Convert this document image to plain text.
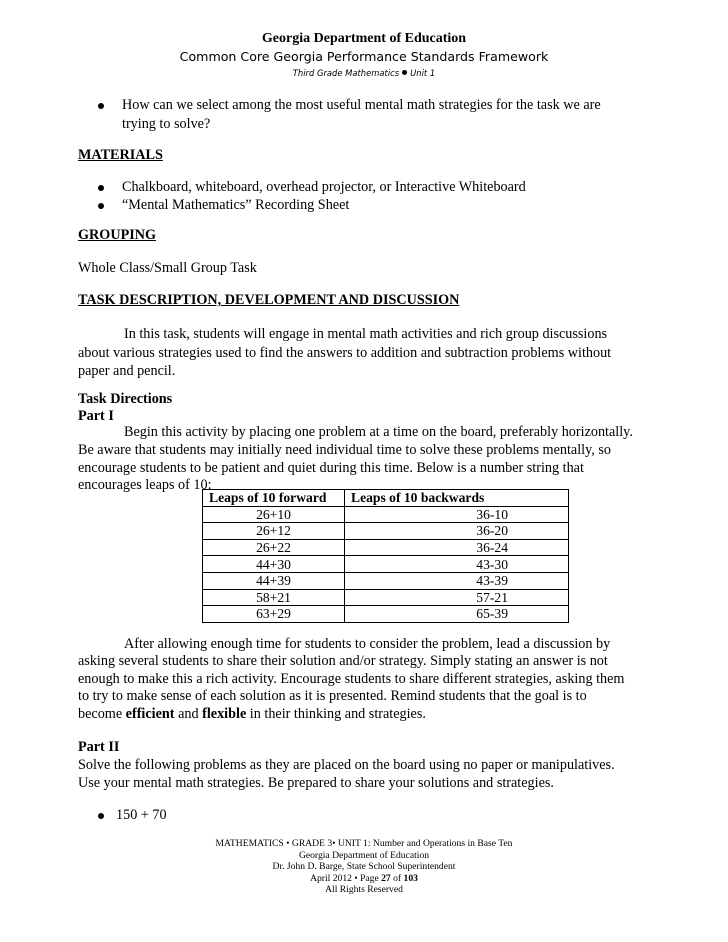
Georgia Department of Education
Common Core Georgia Performance Standards Framework
Third Grade Mathematics Unit 1
How can we select among the most useful mental math strategies for the task we are
trying to solve?
MATERIALS
Chalkboard, whiteboard, overhead projector, or Interactive Whiteboard
“Mental Mathematics” Recording Sheet
GROUPING
Whole Class/Small Group Task
TASK DESCRIPTION, DEVELOPMENT AND DISCUSSION
In this task, students will engage in mental math activities and rich group discussions
about various strategies used to find the answers to addition and subtraction problems without
paper and pencil.
Task Directions
Part I
Begin this activity by placing one problem at a time on the board, preferably horizontally.
Be aware that students may initially need individual time to solve these problems mentally, so
encourage students to be patient and quiet during this time. Below is a number string that
encourages leaps of 10:
Leaps of 10 forward	Leaps of 10 backwards
26+10	36-10
26+12	36-20
26+22	36-24
44+30	43-30
44+39	43-39
58+21	57-21
63+29	65-39
After allowing enough time for students to consider the problem, lead a discussion by
asking several students to share their solution and/or strategy. Simply stating an answer is not
enough to make this a rich activity. Encourage students to share different strategies, asking them
to try to make sense of each solution as it is presented. Remind students that the goal is to
become efficient and flexible in their thinking and strategies.
Part II
Solve the following problems as they are placed on the board using no paper or manipulatives.
Use your mental math strategies. Be prepared to share your solutions and strategies.
150 + 70
MATHEMATICS • GRADE 3• UNIT 1: Number and Operations in Base Ten
Georgia Department of Education
Dr. John D. Barge, State School Superintendent
April 2012 • Page 27 of 103
All Rights Reserved
